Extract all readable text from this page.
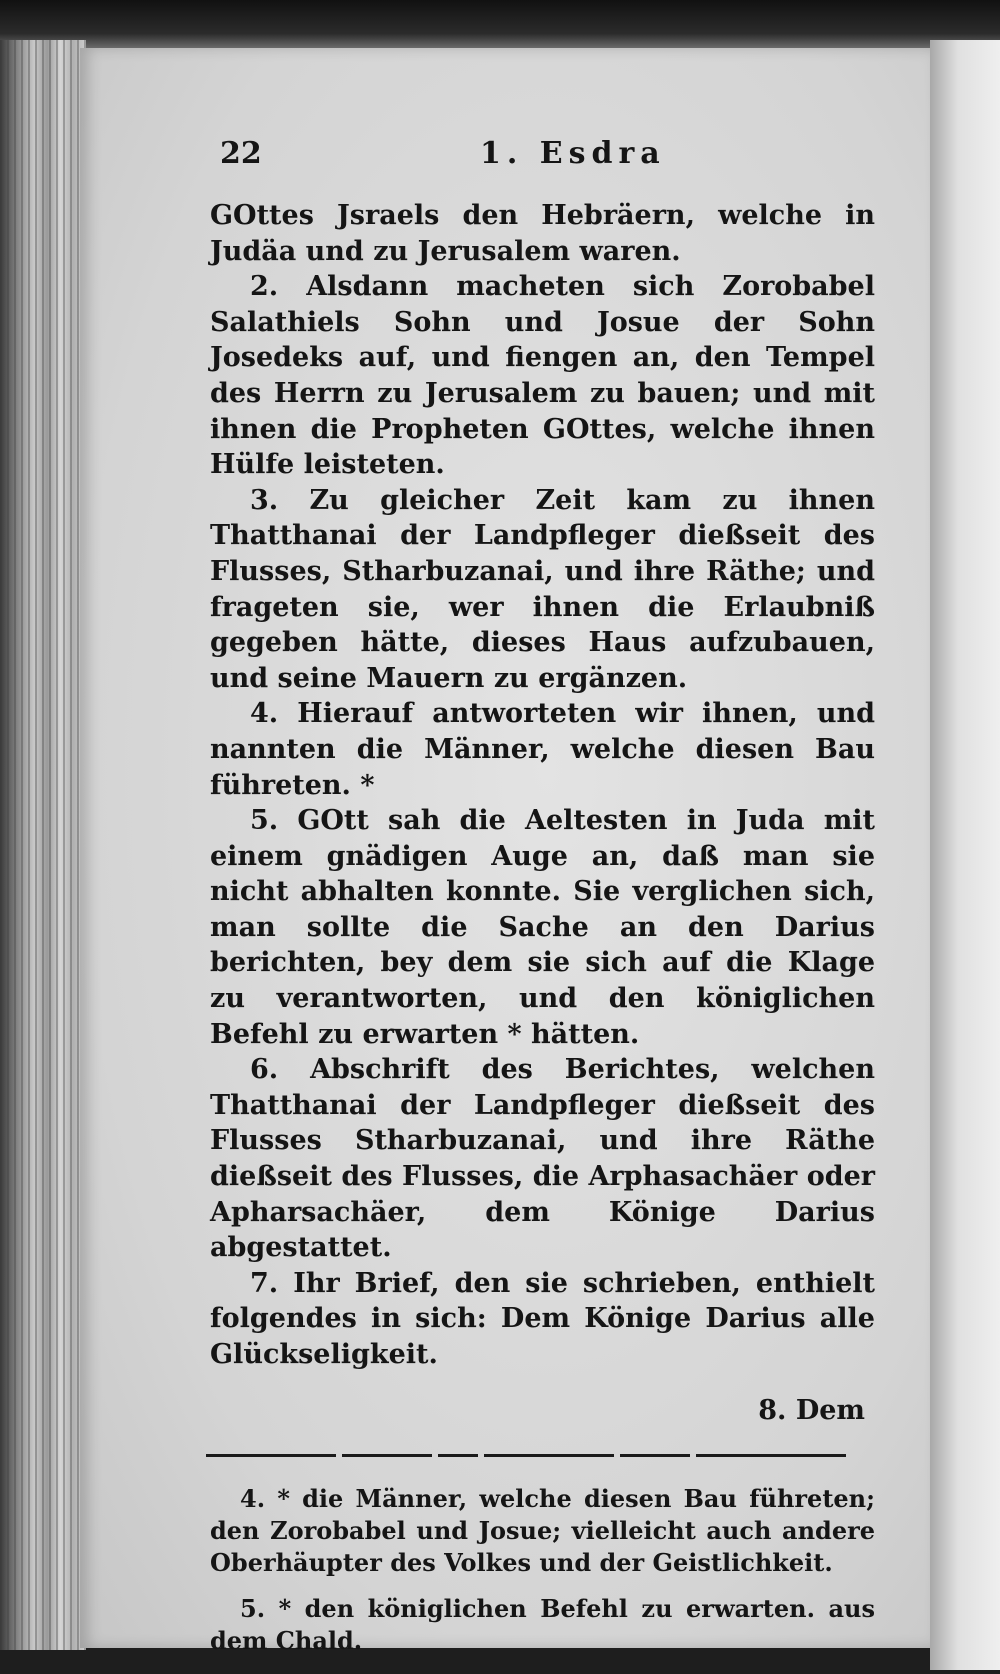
22	1. Esdra

GOttes Jsraels den Hebräern, welche in Judäa und zu Jerusalem waren.

2. Alsdann macheten sich Zorobabel Salathiels Sohn und Josue der Sohn Josedeks auf, und fiengen an, den Tempel des Herrn zu Jerusalem zu bauen; und mit ihnen die Propheten GOttes, welche ihnen Hülfe leisteten.

3. Zu gleicher Zeit kam zu ihnen Thatthanai der Landpfleger dießseit des Flusses, Stharbuzanai, und ihre Räthe; und frageten sie, wer ihnen die Erlaubniß gegeben hätte, dieses Haus aufzubauen, und seine Mauern zu ergänzen.

4. Hierauf antworteten wir ihnen, und nannten die Männer, welche diesen Bau führeten. *

5. GOtt sah die Aeltesten in Juda mit einem gnädigen Auge an, daß man sie nicht abhalten konnte. Sie verglichen sich, man sollte die Sache an den Darius berichten, bey dem sie sich auf die Klage zu verantworten, und den königlichen Befehl zu erwarten * hätten.

6. Abschrift des Berichtes, welchen Thatthanai der Landpfleger dießseit des Flusses Stharbuzanai, und ihre Räthe dießseit des Flusses, die Arphasachäer oder Apharsachäer, dem Könige Darius abgestattet.

7. Ihr Brief, den sie schrieben, enthielt folgendes in sich: Dem Könige Darius alle Glückseligkeit.

8. Dem

4. * die Männer, welche diesen Bau führeten; den Zorobabel und Josue; vielleicht auch andere Oberhäupter des Volkes und der Geistlichkeit.

5. * den königlichen Befehl zu erwarten. aus dem Chald.
